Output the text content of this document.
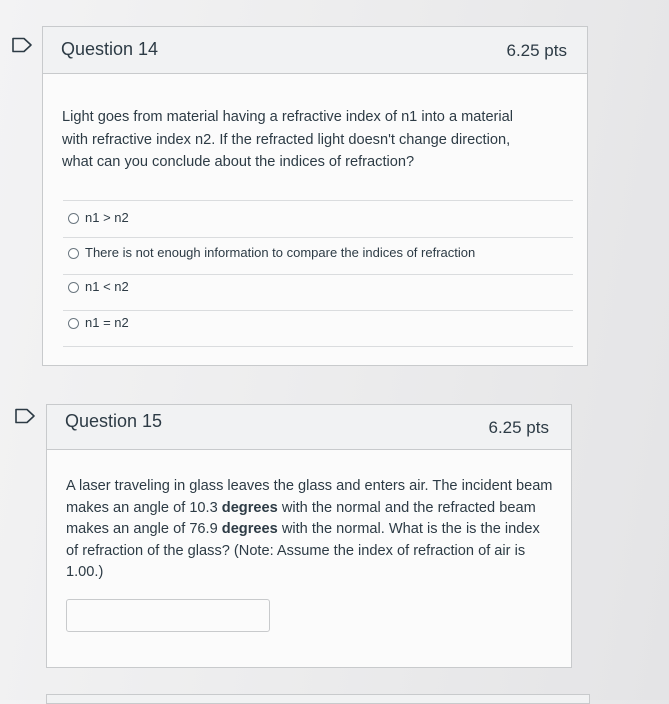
Question 14	6.25 pts
Light goes from material having a refractive index of n1 into a material
with refractive index n2. If the refracted light doesn't change direction,
what can you conclude about the indices of refraction?
n1 > n2
There is not enough information to compare the indices of refraction
n1 < n2
n1 = n2
Question 15	6.25 pts
A laser traveling in glass leaves the glass and enters air. The incident beam
makes an angle of 10.3 degrees with the normal and the refracted beam
makes an angle of 76.9 degrees with the normal. What is the is the index
of refraction of the glass? (Note: Assume the index of refraction of air is
1.00.)
